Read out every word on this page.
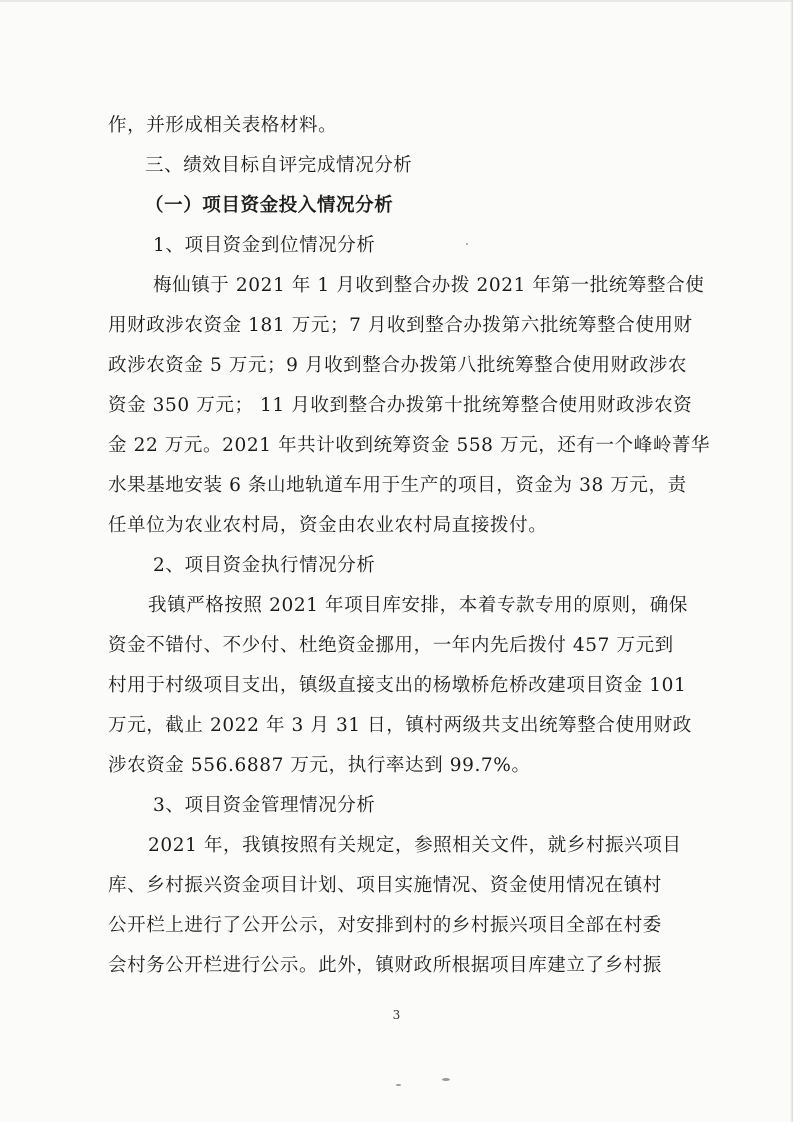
作，并形成相关表格材料。
三、绩效目标自评完成情况分析
（一）项目资金投入情况分析
1、项目资金到位情况分析
梅仙镇于 2021 年 1 月收到整合办拨 2021 年第一批统筹整合使
用财政涉农资金 181 万元；7 月收到整合办拨第六批统筹整合使用财
政涉农资金 5 万元；9 月收到整合办拨第八批统筹整合使用财政涉农
资金 350 万元； 11 月收到整合办拨第十批统筹整合使用财政涉农资
金 22 万元。2021 年共计收到统筹资金 558 万元，还有一个峰岭菁华
水果基地安装 6 条山地轨道车用于生产的项目，资金为 38 万元，责
任单位为农业农村局，资金由农业农村局直接拨付。
2、项目资金执行情况分析
我镇严格按照 2021 年项目库安排，本着专款专用的原则，确保
资金不错付、不少付、杜绝资金挪用，一年内先后拨付 457 万元到
村用于村级项目支出，镇级直接支出的杨墩桥危桥改建项目资金 101
万元，截止 2022 年 3 月 31 日，镇村两级共支出统筹整合使用财政
涉农资金 556.6887 万元，执行率达到 99.7%。
3、项目资金管理情况分析
2021 年，我镇按照有关规定，参照相关文件，就乡村振兴项目
库、乡村振兴资金项目计划、项目实施情况、资金使用情况在镇村
公开栏上进行了公开公示，对安排到村的乡村振兴项目全部在村委
会村务公开栏进行公示。此外，镇财政所根据项目库建立了乡村振
3
